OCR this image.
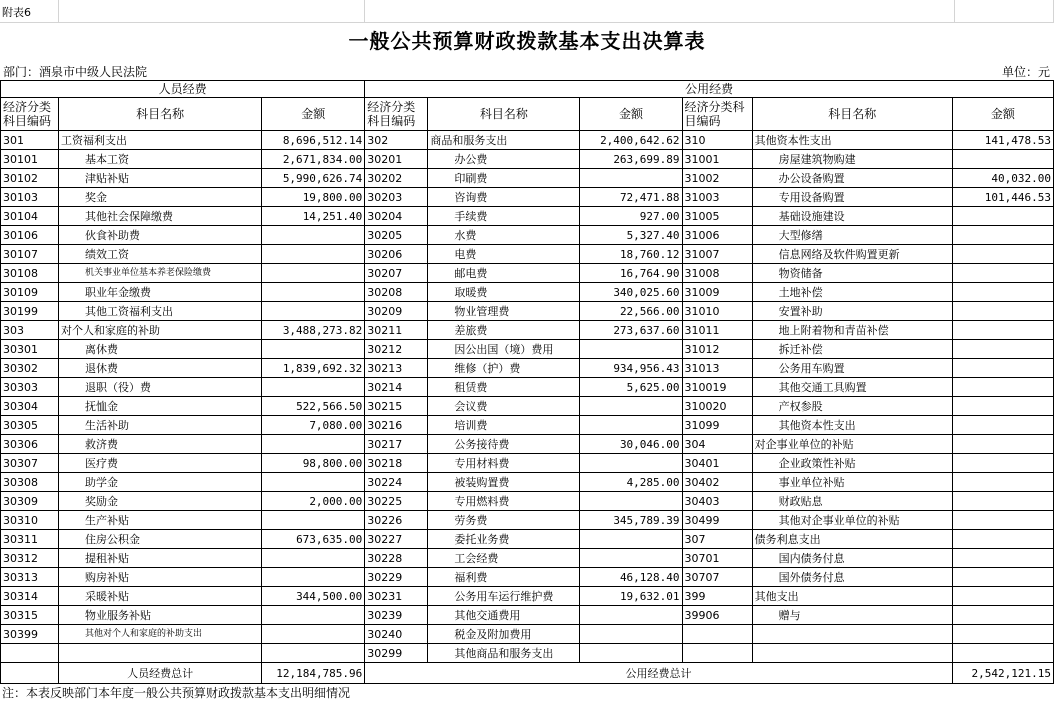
附表6
一般公共预算财政拨款基本支出决算表
部门：酒泉市中级人民法院	单位：元
人员经费			公用经费					
经济分类科目编码	科目名称	金额	经济分类科目编码	科目名称	金额	经济分类科目编码	科目名称	金额
301	工资福利支出	8,696,512.14	302	商品和服务支出	2,400,642.62	310	其他资本性支出	141,478.53
30101	基本工资	2,671,834.00	30201	办公费	263,699.89	31001	房屋建筑物购建	
30102	津贴补贴	5,990,626.74	30202	印刷费		31002	办公设备购置	40,032.00
30103	奖金	19,800.00	30203	咨询费	72,471.88	31003	专用设备购置	101,446.53
30104	其他社会保障缴费	14,251.40	30204	手续费	927.00	31005	基础设施建设	
30106	伙食补助费		30205	水费	5,327.40	31006	大型修缮	
30107	绩效工资		30206	电费	18,760.12	31007	信息网络及软件购置更新	
30108	机关事业单位基本养老保险缴费		30207	邮电费	16,764.90	31008	物资储备	
30109	职业年金缴费		30208	取暖费	340,025.60	31009	土地补偿	
30199	其他工资福利支出		30209	物业管理费	22,566.00	31010	安置补助	
303	对个人和家庭的补助	3,488,273.82	30211	差旅费	273,637.60	31011	地上附着物和青苗补偿	
30301	离休费		30212	因公出国（境）费用		31012	拆迁补偿	
30302	退休费	1,839,692.32	30213	维修（护）费	934,956.43	31013	公务用车购置	
30303	退职（役）费		30214	租赁费	5,625.00	310019	其他交通工具购置	
30304	抚恤金	522,566.50	30215	会议费		310020	产权参股	
30305	生活补助	7,080.00	30216	培训费		31099	其他资本性支出	
30306	救济费		30217	公务接待费	30,046.00	304	对企事业单位的补贴	
30307	医疗费	98,800.00	30218	专用材料费		30401	企业政策性补贴	
30308	助学金		30224	被装购置费	4,285.00	30402	事业单位补贴	
30309	奖励金	2,000.00	30225	专用燃料费		30403	财政贴息	
30310	生产补贴		30226	劳务费	345,789.39	30499	其他对企事业单位的补贴	
30311	住房公积金	673,635.00	30227	委托业务费		307	债务利息支出	
30312	提租补贴		30228	工会经费		30701	国内债务付息	
30313	购房补贴		30229	福利费	46,128.40	30707	国外债务付息	
30314	采暖补贴	344,500.00	30231	公务用车运行维护费	19,632.01	399	其他支出	
30315	物业服务补贴		30239	其他交通费用		39906	赠与	
30399	其他对个人和家庭的补助支出		30240	税金及附加费用				
			30299	其他商品和服务支出				
	人员经费总计	12,184,785.96	公用经费总计					2,542,121.15
注：本表反映部门本年度一般公共预算财政拨款基本支出明细情况
